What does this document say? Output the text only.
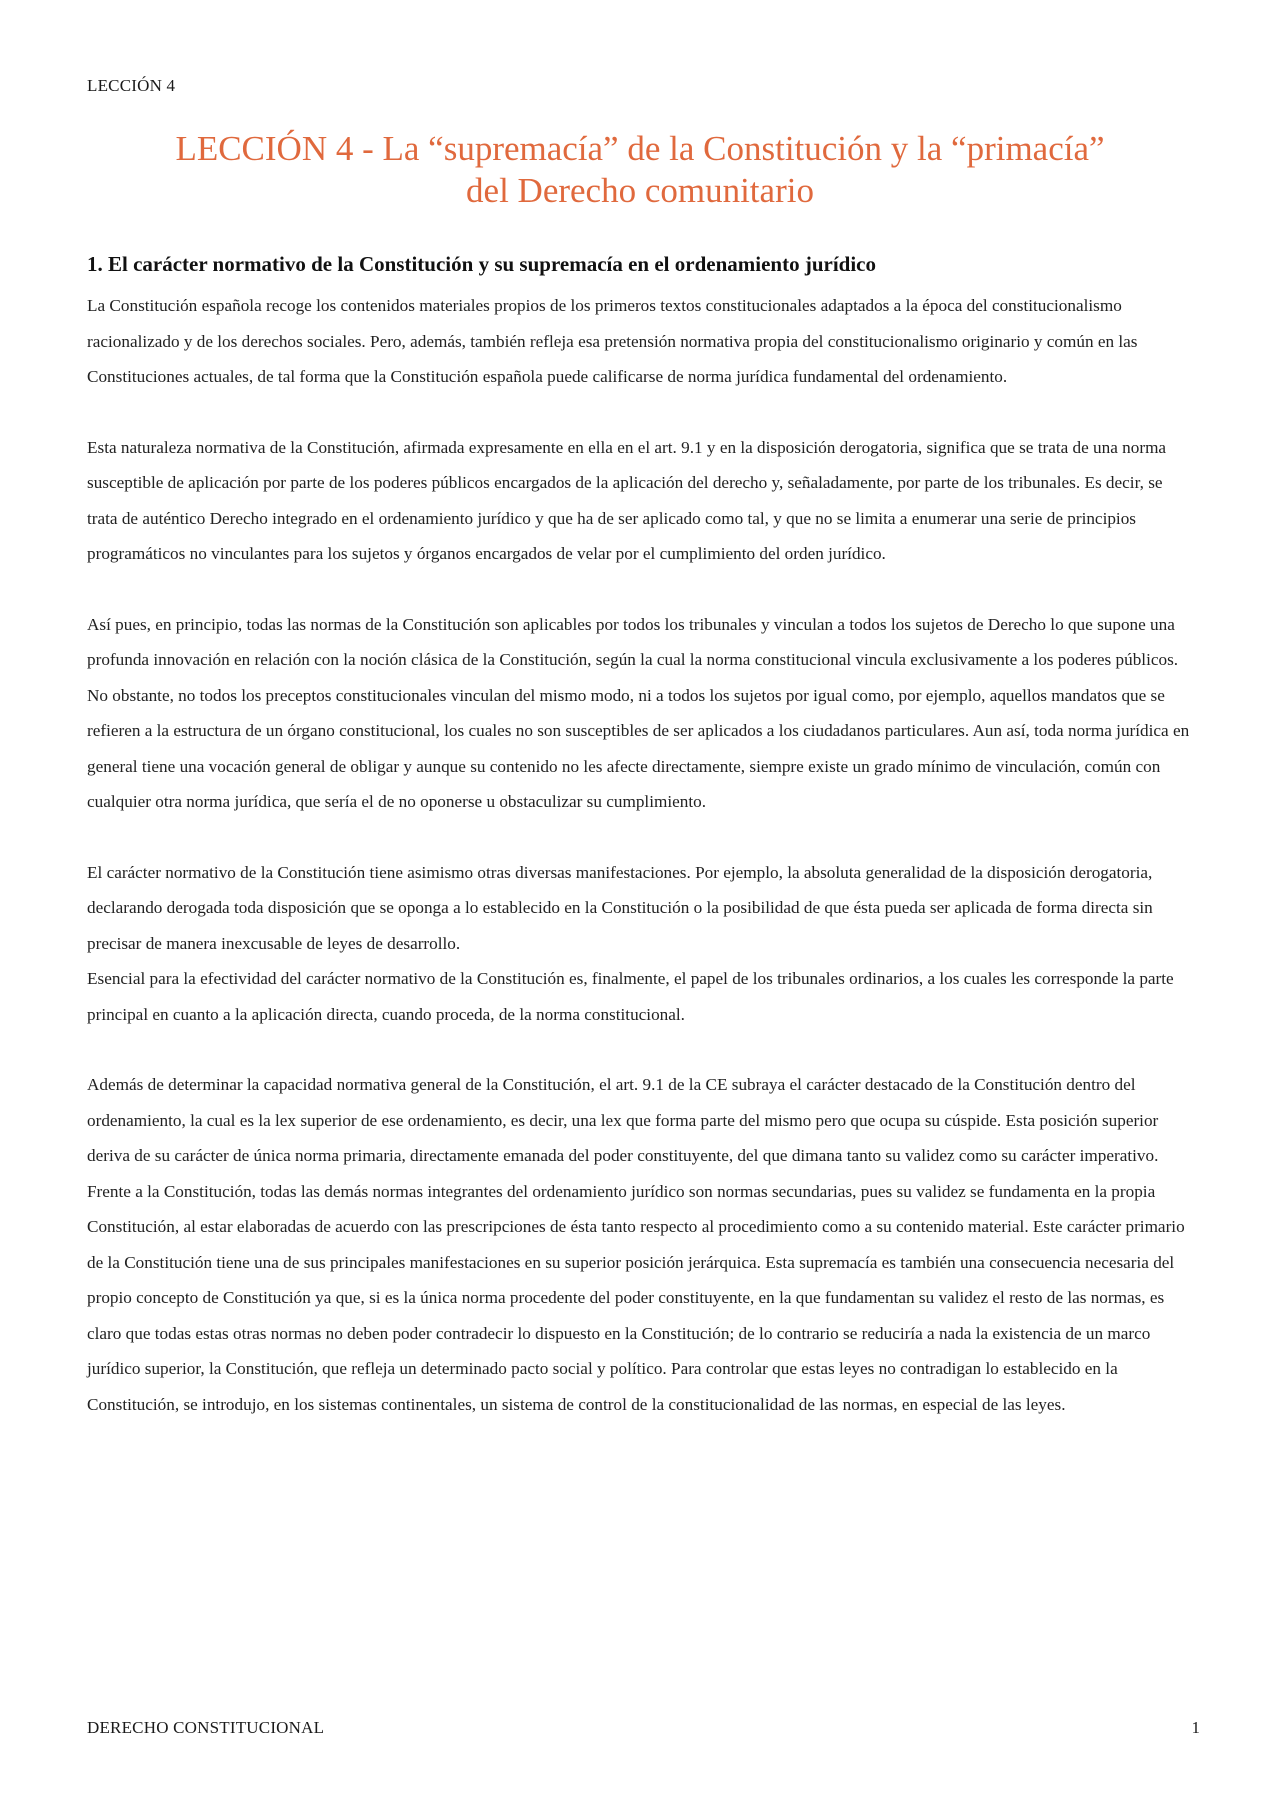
LECCIÓN 4
LECCIÓN 4 - La “supremacía” de la Constitución y la “primacía”
del Derecho comunitario
1. El carácter normativo de la Constitución y su supremacía en el ordenamiento jurídico

La Constitución española recoge los contenidos materiales propios de los primeros textos constitucionales adaptados a la época del constitucionalismo racionalizado y de los derechos sociales. Pero, además, también refleja esa pretensión normativa propia del constitucionalismo originario y común en las Constituciones actuales, de tal forma que la Constitución española puede calificarse de norma jurídica fundamental del ordenamiento.

Esta naturaleza normativa de la Constitución, afirmada expresamente en ella en el art. 9.1 y en la disposición derogatoria, significa que se trata de una norma susceptible de aplicación por parte de los poderes públicos encargados de la aplicación del derecho y, señaladamente, por parte de los tribunales. Es decir, se trata de auténtico Derecho integrado en el ordenamiento jurídico y que ha de ser aplicado como tal, y que no se limita a enumerar una serie de principios programáticos no vinculantes para los sujetos y órganos encargados de velar por el cumplimiento del orden jurídico.

Así pues, en principio, todas las normas de la Constitución son aplicables por todos los tribunales y vinculan a todos los sujetos de Derecho lo que supone una profunda innovación en relación con la noción clásica de la Constitución, según la cual la norma constitucional vincula exclusivamente a los poderes públicos. No obstante, no todos los preceptos constitucionales vinculan del mismo modo, ni a todos los sujetos por igual como, por ejemplo, aquellos mandatos que se refieren a la estructura de un órgano constitucional, los cuales no son susceptibles de ser aplicados a los ciudadanos particulares. Aun así, toda norma jurídica en general tiene una vocación general de obligar y aunque su contenido no les afecte directamente, siempre existe un grado mínimo de vinculación, común con cualquier otra norma jurídica, que sería el de no oponerse u obstaculizar su cumplimiento.

El carácter normativo de la Constitución tiene asimismo otras diversas manifestaciones. Por ejemplo, la absoluta generalidad de la disposición derogatoria, declarando derogada toda disposición que se oponga a lo establecido en la Constitución o la posibilidad de que ésta pueda ser aplicada de forma directa sin precisar de manera inexcusable de leyes de desarrollo.

Esencial para la efectividad del carácter normativo de la Constitución es, finalmente, el papel de los tribunales ordinarios, a los cuales les corresponde la parte principal en cuanto a la aplicación directa, cuando proceda, de la norma constitucional.

Además de determinar la capacidad normativa general de la Constitución, el art. 9.1 de la CE subraya el carácter destacado de la Constitución dentro del ordenamiento, la cual es la lex superior de ese ordenamiento, es decir, una lex que forma parte del mismo pero que ocupa su cúspide. Esta posición superior deriva de su carácter de única norma primaria, directamente emanada del poder constituyente, del que dimana tanto su validez como su carácter imperativo. Frente a la Constitución, todas las demás normas integrantes del ordenamiento jurídico son normas secundarias, pues su validez se fundamenta en la propia Constitución, al estar elaboradas de acuerdo con las prescripciones de ésta tanto respecto al procedimiento como a su contenido material. Este carácter primario de la Constitución tiene una de sus principales manifestaciones en su superior posición jerárquica. Esta supremacía es también una consecuencia necesaria del propio concepto de Constitución ya que, si es la única norma procedente del poder constituyente, en la que fundamentan su validez el resto de las normas, es claro que todas estas otras normas no deben poder contradecir lo dispuesto en la Constitución; de lo contrario se reduciría a nada la existencia de un marco jurídico superior, la Constitución, que refleja un determinado pacto social y político. Para controlar que estas leyes no contradigan lo establecido en la Constitución, se introdujo, en los sistemas continentales, un sistema de control de la constitucionalidad de las normas, en especial de las leyes.

DERECHO CONSTITUCIONAL	1
